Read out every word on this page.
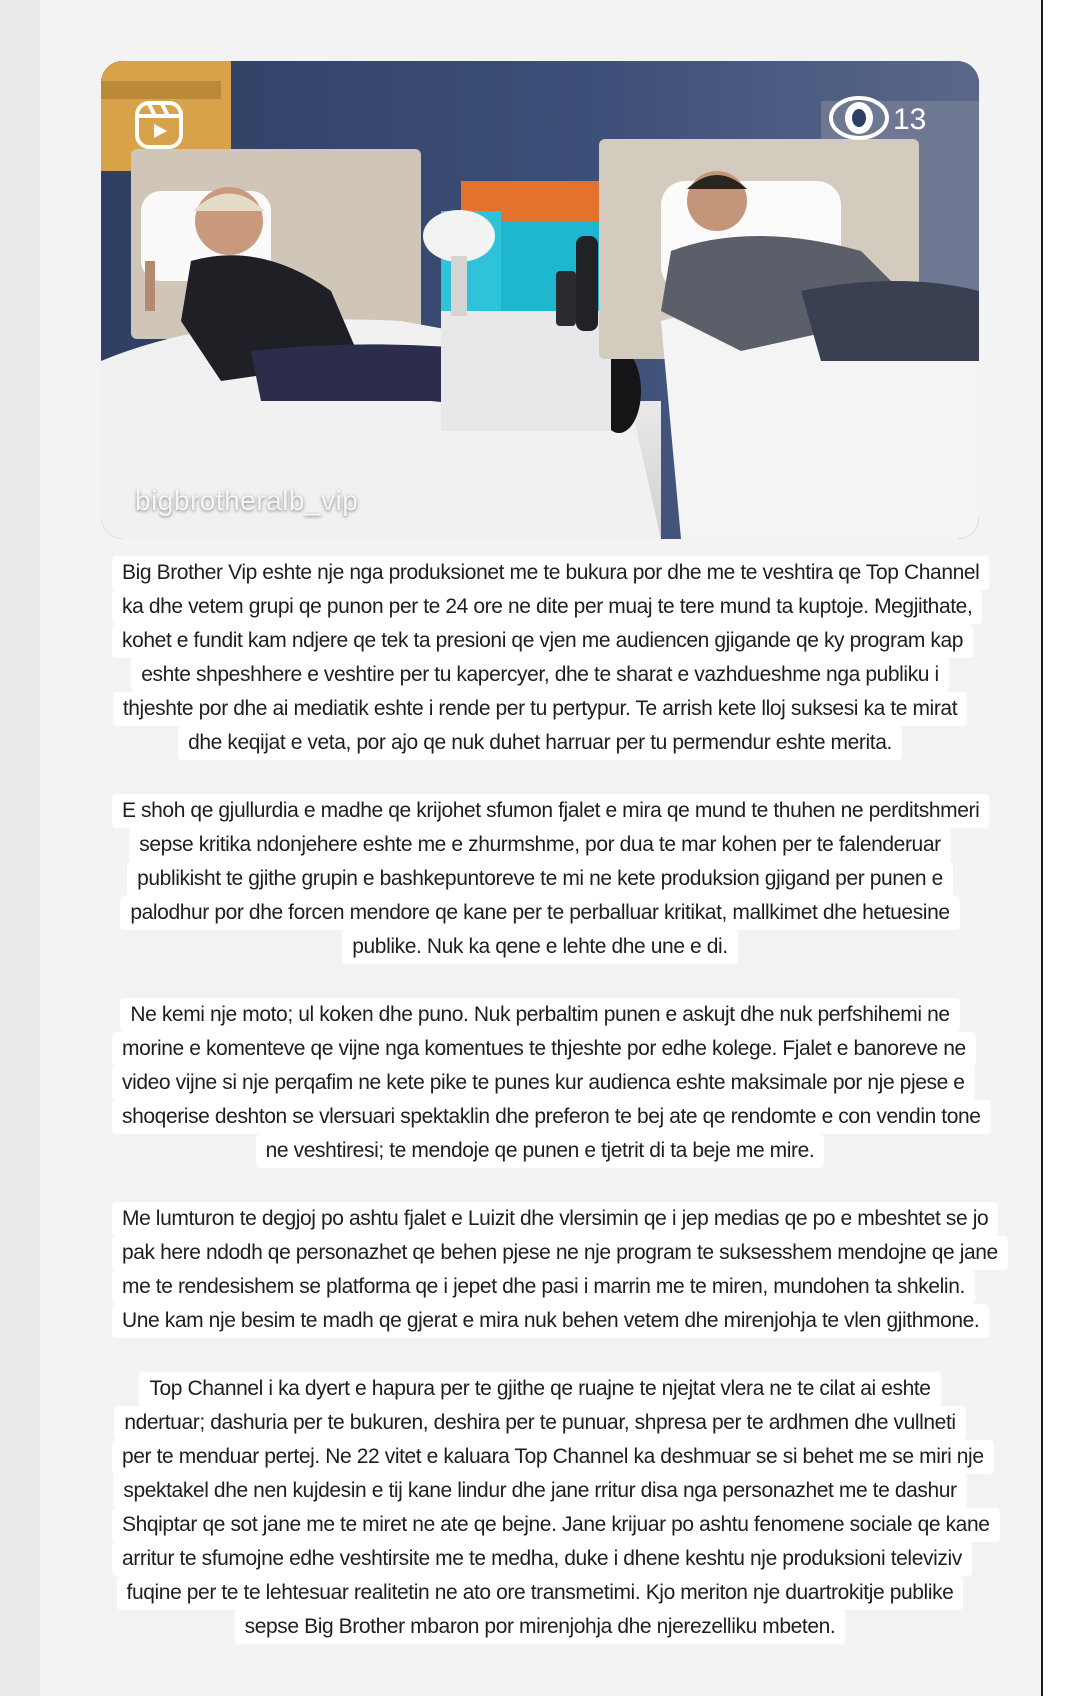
13
bigbrotheralb_vip
Big Brother Vip eshte nje nga produksionet me te bukura por dhe me te veshtira qe Top Channel
ka dhe vetem grupi qe punon per te 24 ore ne dite per muaj te tere mund ta kuptoje. Megjithate,
kohet e fundit kam ndjere qe tek ta presioni qe vjen me audiencen gjigande qe ky program kap
eshte shpeshhere e veshtire per tu kapercyer, dhe te sharat e vazhdueshme nga publiku i
thjeshte por dhe ai mediatik eshte i rende per tu pertypur. Te arrish kete lloj suksesi ka te mirat
dhe keqijat e veta, por ajo qe nuk duhet harruar per tu permendur eshte merita.
E shoh qe gjullurdia e madhe qe krijohet sfumon fjalet e mira qe mund te thuhen ne perditshmeri
sepse kritika ndonjehere eshte me e zhurmshme, por dua te mar kohen per te falenderuar
publikisht te gjithe grupin e bashkepuntoreve te mi ne kete produksion gjigand per punen e
palodhur por dhe forcen mendore qe kane per te perballuar kritikat, mallkimet dhe hetuesine
publike. Nuk ka qene e lehte dhe une e di.
Ne kemi nje moto; ul koken dhe puno. Nuk perbaltim punen e askujt dhe nuk perfshihemi ne
morine e komenteve qe vijne nga komentues te thjeshte por edhe kolege. Fjalet e banoreve ne
video vijne si nje perqafim ne kete pike te punes kur audienca eshte maksimale por nje pjese e
shoqerise deshton se vlersuari spektaklin dhe preferon te bej ate qe rendomte e con vendin tone
ne veshtiresi; te mendoje qe punen e tjetrit di ta beje me mire.
Me lumturon te degjoj po ashtu fjalet e Luizit dhe vlersimin qe i jep medias qe po e mbeshtet se jo
pak here ndodh qe personazhet qe behen pjese ne nje program te suksesshem mendojne qe jane
me te rendesishem se platforma qe i jepet dhe pasi i marrin me te miren, mundohen ta shkelin.
Une kam nje besim te madh qe gjerat e mira nuk behen vetem dhe mirenjohja te vlen gjithmone.
Top Channel i ka dyert e hapura per te gjithe qe ruajne te njejtat vlera ne te cilat ai eshte
ndertuar; dashuria per te bukuren, deshira per te punuar, shpresa per te ardhmen dhe vullneti
per te menduar pertej. Ne 22 vitet e kaluara Top Channel ka deshmuar se si behet me se miri nje
spektakel dhe nen kujdesin e tij kane lindur dhe jane rritur disa nga personazhet me te dashur
Shqiptar qe sot jane me te miret ne ate qe bejne. Jane krijuar po ashtu fenomene sociale qe kane
arritur te sfumojne edhe veshtirsite me te medha, duke i dhene keshtu nje produksioni televiziv
fuqine per te te lehtesuar realitetin ne ato ore transmetimi. Kjo meriton nje duartrokitje publike
sepse Big Brother mbaron por mirenjohja dhe njerezelliku mbeten.
